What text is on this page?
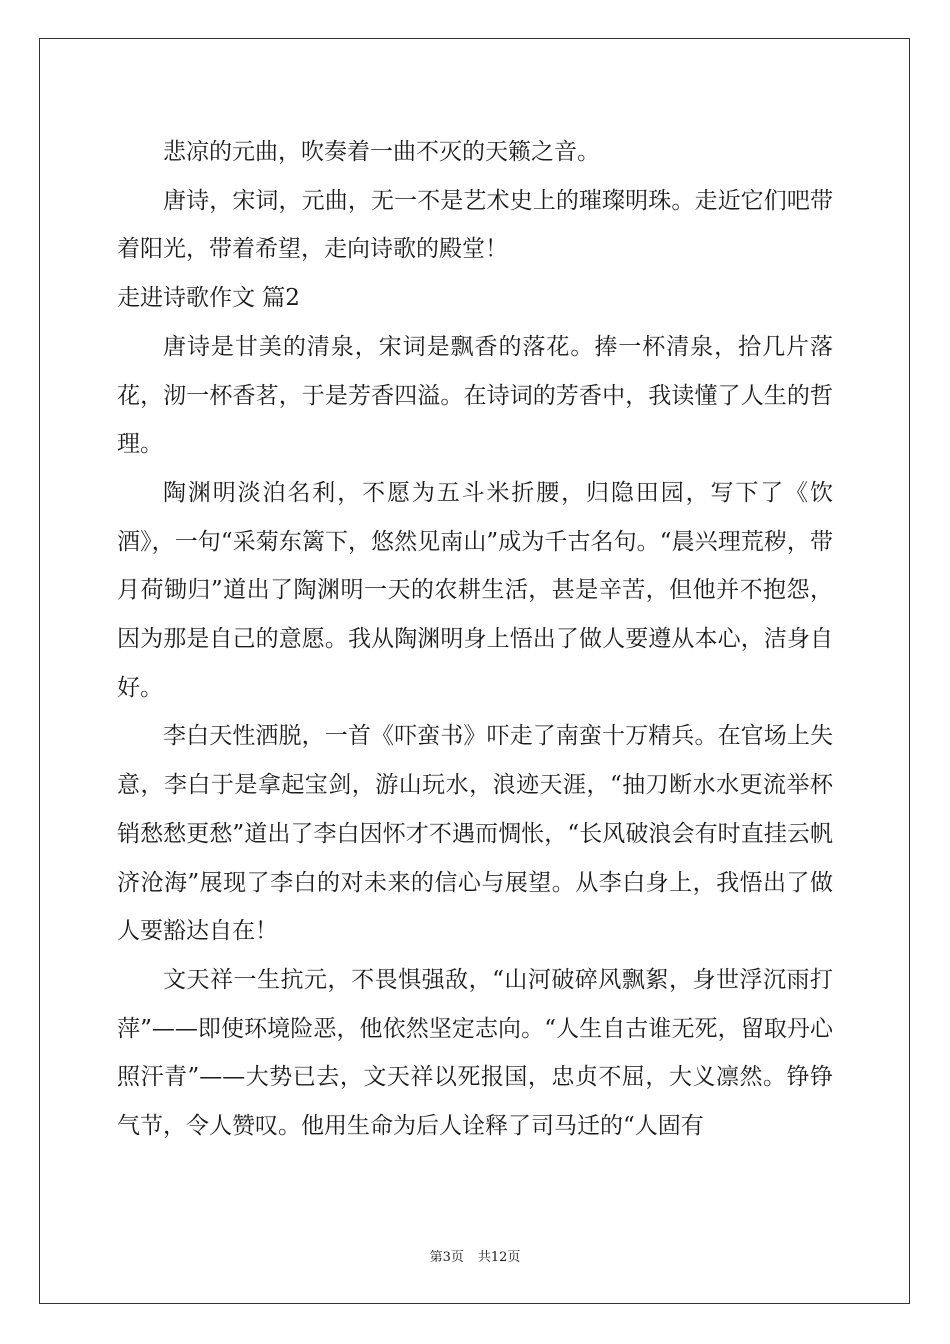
悲凉的元曲，吹奏着一曲不灭的天籁之音。

唐诗，宋词，元曲，无一不是艺术史上的璀璨明珠。走近它们吧带着阳光，带着希望，走向诗歌的殿堂！

走进诗歌作文 篇2

唐诗是甘美的清泉，宋词是飘香的落花。捧一杯清泉，拾几片落花，沏一杯香茗，于是芳香四溢。在诗词的芳香中，我读懂了人生的哲理。

陶渊明淡泊名利，不愿为五斗米折腰，归隐田园，写下了《饮酒》，一句“采菊东篱下，悠然见南山”成为千古名句。“晨兴理荒秽，带月荷锄归”道出了陶渊明一天的农耕生活，甚是辛苦，但他并不抱怨，因为那是自己的意愿。我从陶渊明身上悟出了做人要遵从本心，洁身自好。

李白天性洒脱，一首《吓蛮书》吓走了南蛮十万精兵。在官场上失意，李白于是拿起宝剑，游山玩水，浪迹天涯，“抽刀断水水更流举杯销愁愁更愁”道出了李白因怀才不遇而惆怅，“长风破浪会有时直挂云帆济沧海”展现了李白的对未来的信心与展望。从李白身上，我悟出了做人要豁达自在！

文天祥一生抗元，不畏惧强敌，“山河破碎风飘絮，身世浮沉雨打萍”——即使环境险恶，他依然坚定志向。“人生自古谁无死，留取丹心照汗青”——大势已去，文天祥以死报国，忠贞不屈，大义凛然。铮铮气节，令人赞叹。他用生命为后人诠释了司马迁的“人固有

第3页 共12页
